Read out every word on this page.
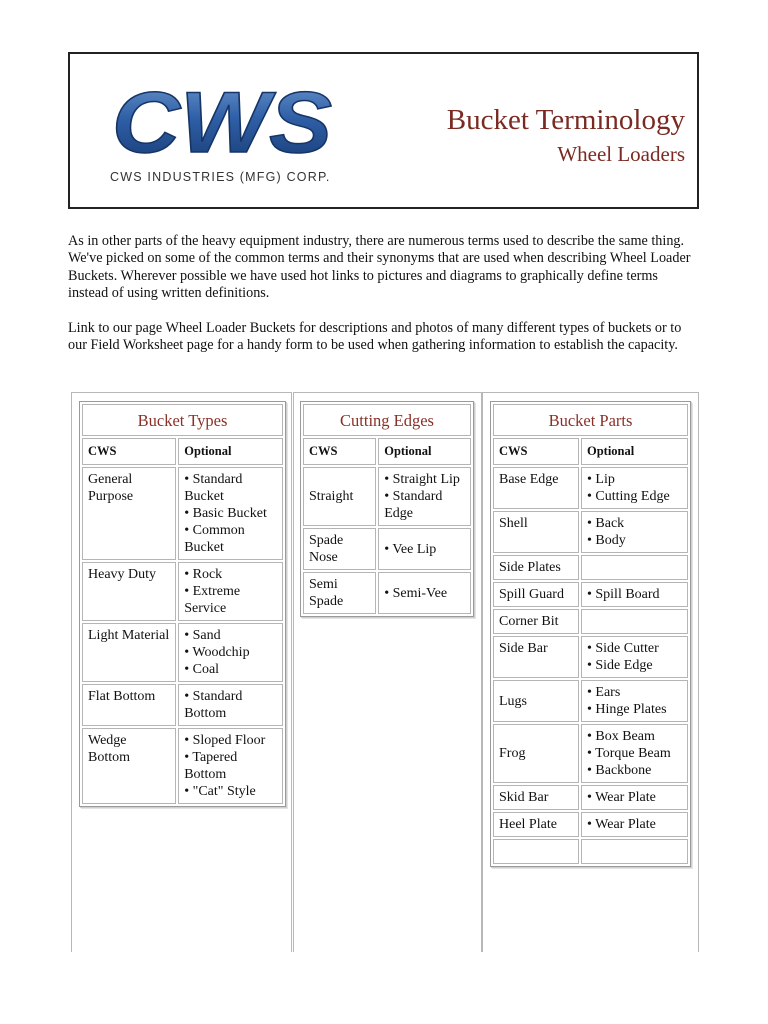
CWS
CWS INDUSTRIES (MFG) CORP.
Bucket Terminology
Wheel Loaders

As in other parts of the heavy equipment industry, there are numerous terms used to describe the same thing. We've picked on some of the common terms and their synonyms that are used when describing Wheel Loader Buckets. Wherever possible we have used hot links to pictures and diagrams to graphically define terms instead of using written definitions.

Link to our page Wheel Loader Buckets for descriptions and photos of many different types of buckets or to our Field Worksheet page for a handy form to be used when gathering information to establish the capacity.

Bucket Types	
CWS	Optional
General Purpose	• Standard Bucket
• Basic Bucket
• Common Bucket

Heavy Duty	• Rock
• Extreme Service

Light Material	• Sand
• Woodchip
• Coal

Flat Bottom	• Standard Bottom

Wedge Bottom	• Sloped Floor
• Tapered Bottom
• "Cat" Style
Cutting Edges	
CWS	Optional
Straight	• Straight Lip
• Standard Edge

Spade Nose	• Vee Lip

Semi Spade	• Semi-Vee
Bucket Parts	
CWS	Optional
Base Edge	• Lip
• Cutting Edge

Shell	• Back
• Body

Side Plates	
Spill Guard	• Spill Board

Corner Bit	
Side Bar	• Side Cutter
• Side Edge

Lugs	• Ears
• Hinge Plates

Frog	• Box Beam
• Torque Beam
• Backbone

Skid Bar	• Wear Plate

Heel Plate	• Wear Plate
